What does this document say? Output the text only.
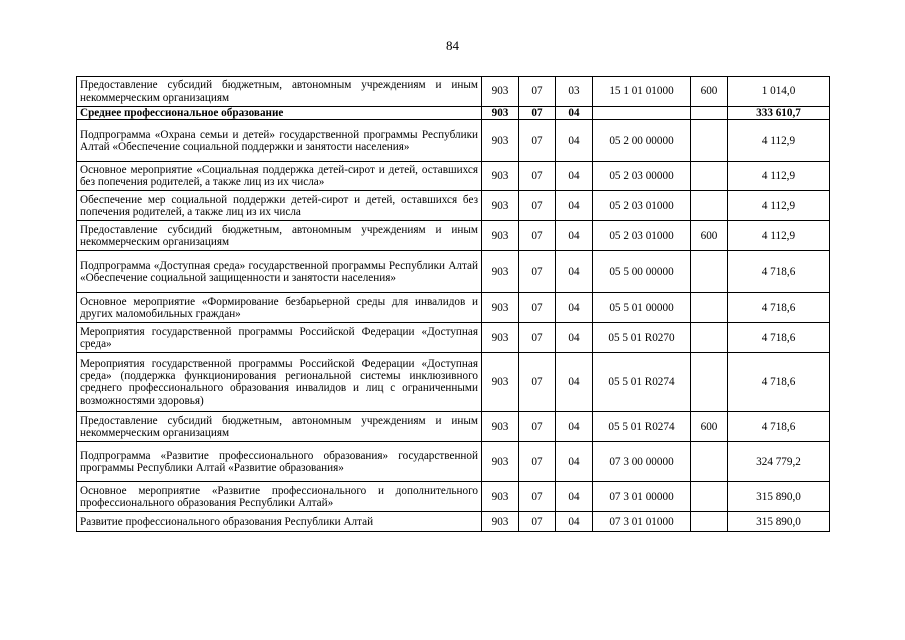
84
Предоставление субсидий бюджетным, автономным учреждениям и иным некоммерческим организациям	903	07	03	15 1 01 01000	600	1 014,0
Среднее профессиональное образование	903	07	04			333 610,7
Подпрограмма «Охрана семьи и детей» государственной программы Республики Алтай «Обеспечение социальной поддержки и занятости населения»	903	07	04	05 2 00 00000		4 112,9
Основное мероприятие «Социальная поддержка детей-сирот и детей, оставшихся без попечения родителей, а также лиц из их числа»	903	07	04	05 2 03 00000		4 112,9
Обеспечение мер социальной поддержки детей-сирот и детей, оставшихся без попечения родителей, а также лиц из их числа	903	07	04	05 2 03 01000		4 112,9
Предоставление субсидий бюджетным, автономным учреждениям и иным некоммерческим организациям	903	07	04	05 2 03 01000	600	4 112,9
Подпрограмма «Доступная среда» государственной программы Республики Алтай «Обеспечение социальной защищенности и занятости населения»	903	07	04	05 5 00 00000		4 718,6
Основное мероприятие «Формирование безбарьерной среды для инвалидов и других маломобильных граждан»	903	07	04	05 5 01 00000		4 718,6
Мероприятия государственной программы Российской Федерации «Доступная среда»	903	07	04	05 5 01 R0270		4 718,6
Мероприятия государственной программы Российской Федерации «Доступная среда» (поддержка функционирования региональной системы инклюзивного среднего профессионального образования инвалидов и лиц с ограниченными возможностями здоровья)	903	07	04	05 5 01 R0274		4 718,6
Предоставление субсидий бюджетным, автономным учреждениям и иным некоммерческим организациям	903	07	04	05 5 01 R0274	600	4 718,6
Подпрограмма «Развитие профессионального образования» государственной программы Республики Алтай «Развитие образования»	903	07	04	07 3 00 00000		324 779,2
Основное мероприятие «Развитие профессионального и дополнительного профессионального образования Республики Алтай»	903	07	04	07 3 01 00000		315 890,0
Развитие профессионального образования Республики Алтай	903	07	04	07 3 01 01000		315 890,0
